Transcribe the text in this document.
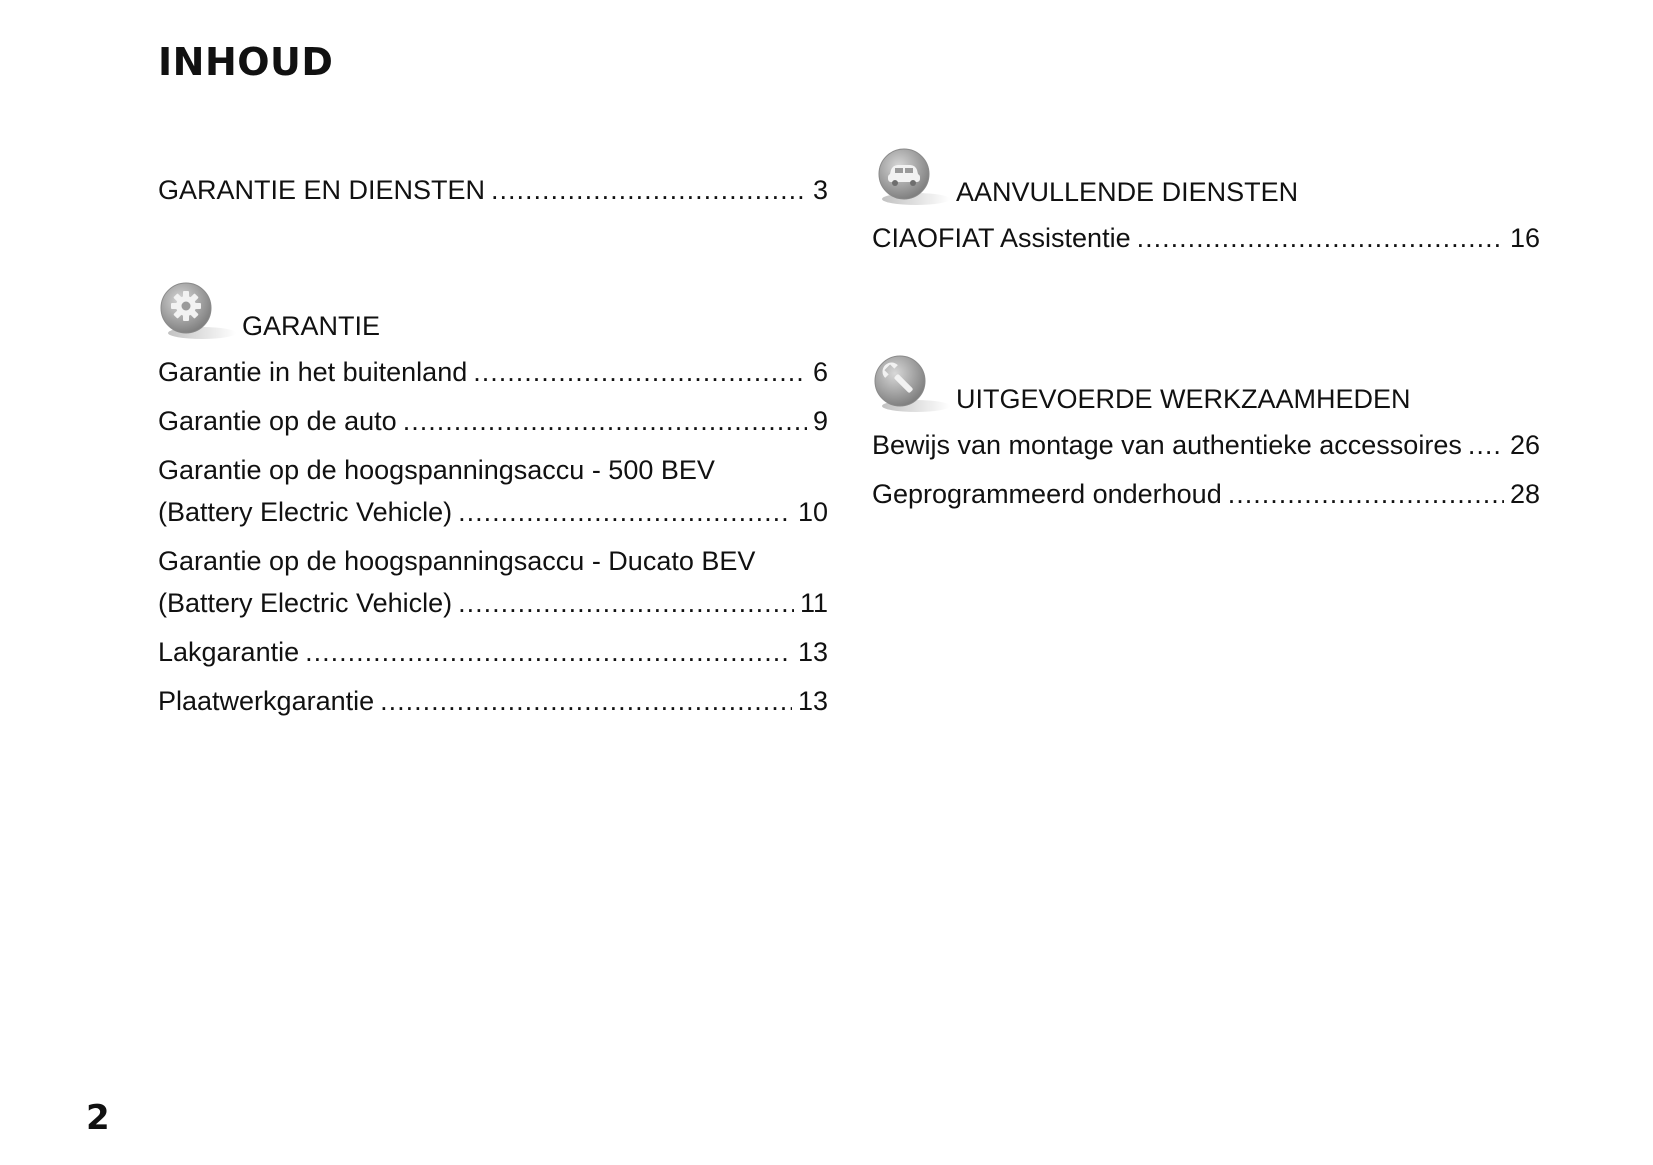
INHOUD
GARANTIE EN DIENSTEN .....	3
GARANTIE
Garantie in het buitenland .....	6
Garantie op de auto .....	9
Garantie op de hoogspanningsaccu - 500 BEV
(Battery Electric Vehicle) .....	10
Garantie op de hoogspanningsaccu - Ducato BEV
(Battery Electric Vehicle) .....	11
Lakgarantie .....	13
Plaatwerkgarantie .....	13
AANVULLENDE DIENSTEN
CIAOFIAT Assistentie .....	16
UITGEVOERDE WERKZAAMHEDEN
Bewijs van montage van authentieke accessoires ..... 26
Geprogrammeerd onderhoud .....	28
2
